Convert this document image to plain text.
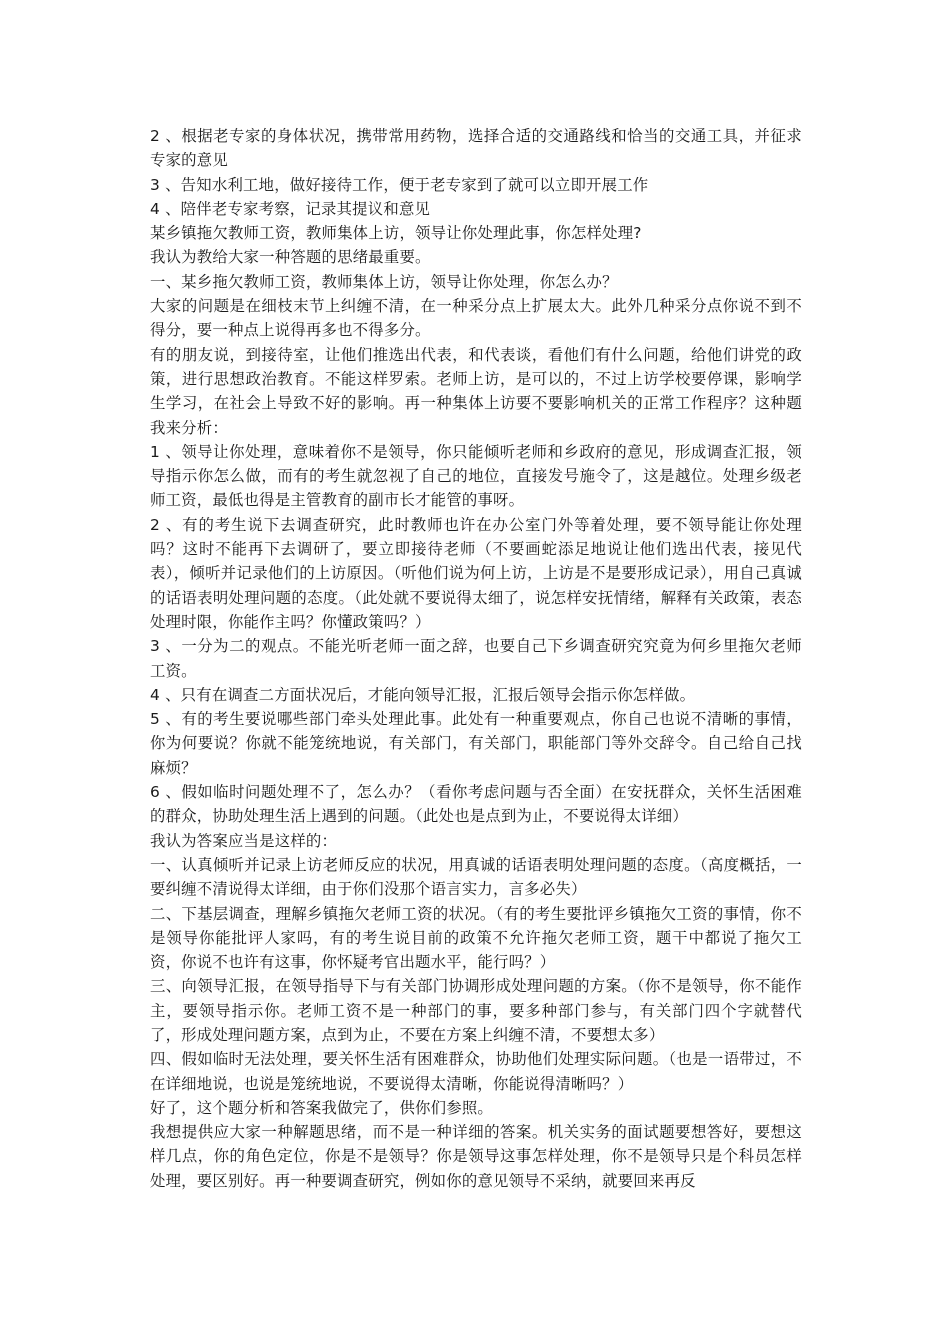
2 、根据老专家的身体状况，携带常用药物，选择合适的交通路线和恰当的交通工具，并征求专家的意见

3 、告知水利工地，做好接待工作，便于老专家到了就可以立即开展工作

4 、陪伴老专家考察，记录其提议和意见

某乡镇拖欠教师工资，教师集体上访，领导让你处理此事，你怎样处理?

我认为教给大家一种答题的思绪最重要。

一、某乡拖欠教师工资，教师集体上访，领导让你处理，你怎么办？

大家的问题是在细枝末节上纠缠不清，在一种采分点上扩展太大。此外几种采分点你说不到不得分，要一种点上说得再多也不得多分。

有的朋友说，到接待室，让他们推选出代表，和代表谈，看他们有什么问题，给他们讲党的政策，进行思想政治教育。不能这样罗索。老师上访，是可以的，不过上访学校要停课，影响学生学习，在社会上导致不好的影响。再一种集体上访要不要影响机关的正常工作程序？这种题我来分析：

1 、领导让你处理，意味着你不是领导，你只能倾听老师和乡政府的意见，形成调查汇报，领导指示你怎么做，而有的考生就忽视了自己的地位，直接发号施令了，这是越位。处理乡级老师工资，最低也得是主管教育的副市长才能管的事呀。

2 、有的考生说下去调查研究，此时教师也许在办公室门外等着处理，要不领导能让你处理吗？这时不能再下去调研了，要立即接待老师（不要画蛇添足地说让他们选出代表，接见代表），倾听并记录他们的上访原因。（听他们说为何上访，上访是不是要形成记录），用自己真诚的话语表明处理问题的态度。（此处就不要说得太细了，说怎样安抚情绪，解释有关政策，表态处理时限，你能作主吗？你懂政策吗？）

3 、一分为二的观点。不能光听老师一面之辞，也要自己下乡调查研究究竟为何乡里拖欠老师工资。

4 、只有在调查二方面状况后，才能向领导汇报，汇报后领导会指示你怎样做。

5 、有的考生要说哪些部门牵头处理此事。此处有一种重要观点，你自己也说不清晰的事情，你为何要说？你就不能笼统地说，有关部门，有关部门，职能部门等外交辞令。自己给自己找麻烦？

6 、假如临时问题处理不了，怎么办？（看你考虑问题与否全面）在安抚群众，关怀生活困难的群众，协助处理生活上遇到的问题。（此处也是点到为止，不要说得太详细）

我认为答案应当是这样的：

一、认真倾听并记录上访老师反应的状况，用真诚的话语表明处理问题的态度。（高度概括，一要纠缠不清说得太详细，由于你们没那个语言实力，言多必失）

二、下基层调查，理解乡镇拖欠老师工资的状况。（有的考生要批评乡镇拖欠工资的事情，你不是领导你能批评人家吗，有的考生说目前的政策不允许拖欠老师工资，题干中都说了拖欠工资，你说不也许有这事，你怀疑考官出题水平，能行吗？）

三、向领导汇报，在领导指导下与有关部门协调形成处理问题的方案。（你不是领导，你不能作主，要领导指示你。老师工资不是一种部门的事，要多种部门参与，有关部门四个字就替代了，形成处理问题方案，点到为止，不要在方案上纠缠不清，不要想太多）

四、假如临时无法处理，要关怀生活有困难群众，协助他们处理实际问题。（也是一语带过，不在详细地说，也说是笼统地说，不要说得太清晰，你能说得清晰吗？）

好了，这个题分析和答案我做完了，供你们参照。

我想提供应大家一种解题思绪，而不是一种详细的答案。机关实务的面试题要想答好，要想这样几点，你的角色定位，你是不是领导？你是领导这事怎样处理，你不是领导只是个科员怎样处理，要区别好。再一种要调查研究，例如你的意见领导不采纳，就要回来再反
